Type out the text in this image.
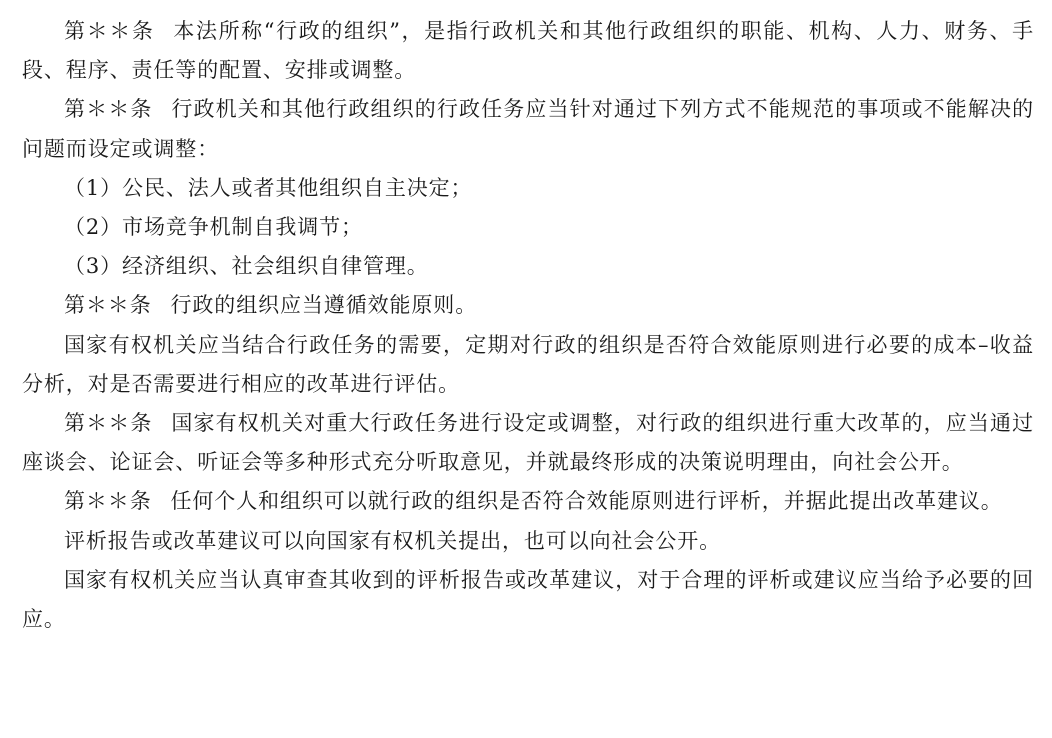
第＊＊条 本法所称“行政的组织”，是指行政机关和其他行政组织的职能、机构、人力、财务、手段、程序、责任等的配置、安排或调整。

第＊＊条 行政机关和其他行政组织的行政任务应当针对通过下列方式不能规范的事项或不能解决的问题而设定或调整：

（1）公民、法人或者其他组织自主决定；

（2）市场竞争机制自我调节；

（3）经济组织、社会组织自律管理。

第＊＊条 行政的组织应当遵循效能原则。

国家有权机关应当结合行政任务的需要，定期对行政的组织是否符合效能原则进行必要的成本–收益分析，对是否需要进行相应的改革进行评估。

第＊＊条 国家有权机关对重大行政任务进行设定或调整，对行政的组织进行重大改革的，应当通过座谈会、论证会、听证会等多种形式充分听取意见，并就最终形成的决策说明理由，向社会公开。

第＊＊条 任何个人和组织可以就行政的组织是否符合效能原则进行评析，并据此提出改革建议。

评析报告或改革建议可以向国家有权机关提出，也可以向社会公开。

国家有权机关应当认真审查其收到的评析报告或改革建议，对于合理的评析或建议应当给予必要的回应。
